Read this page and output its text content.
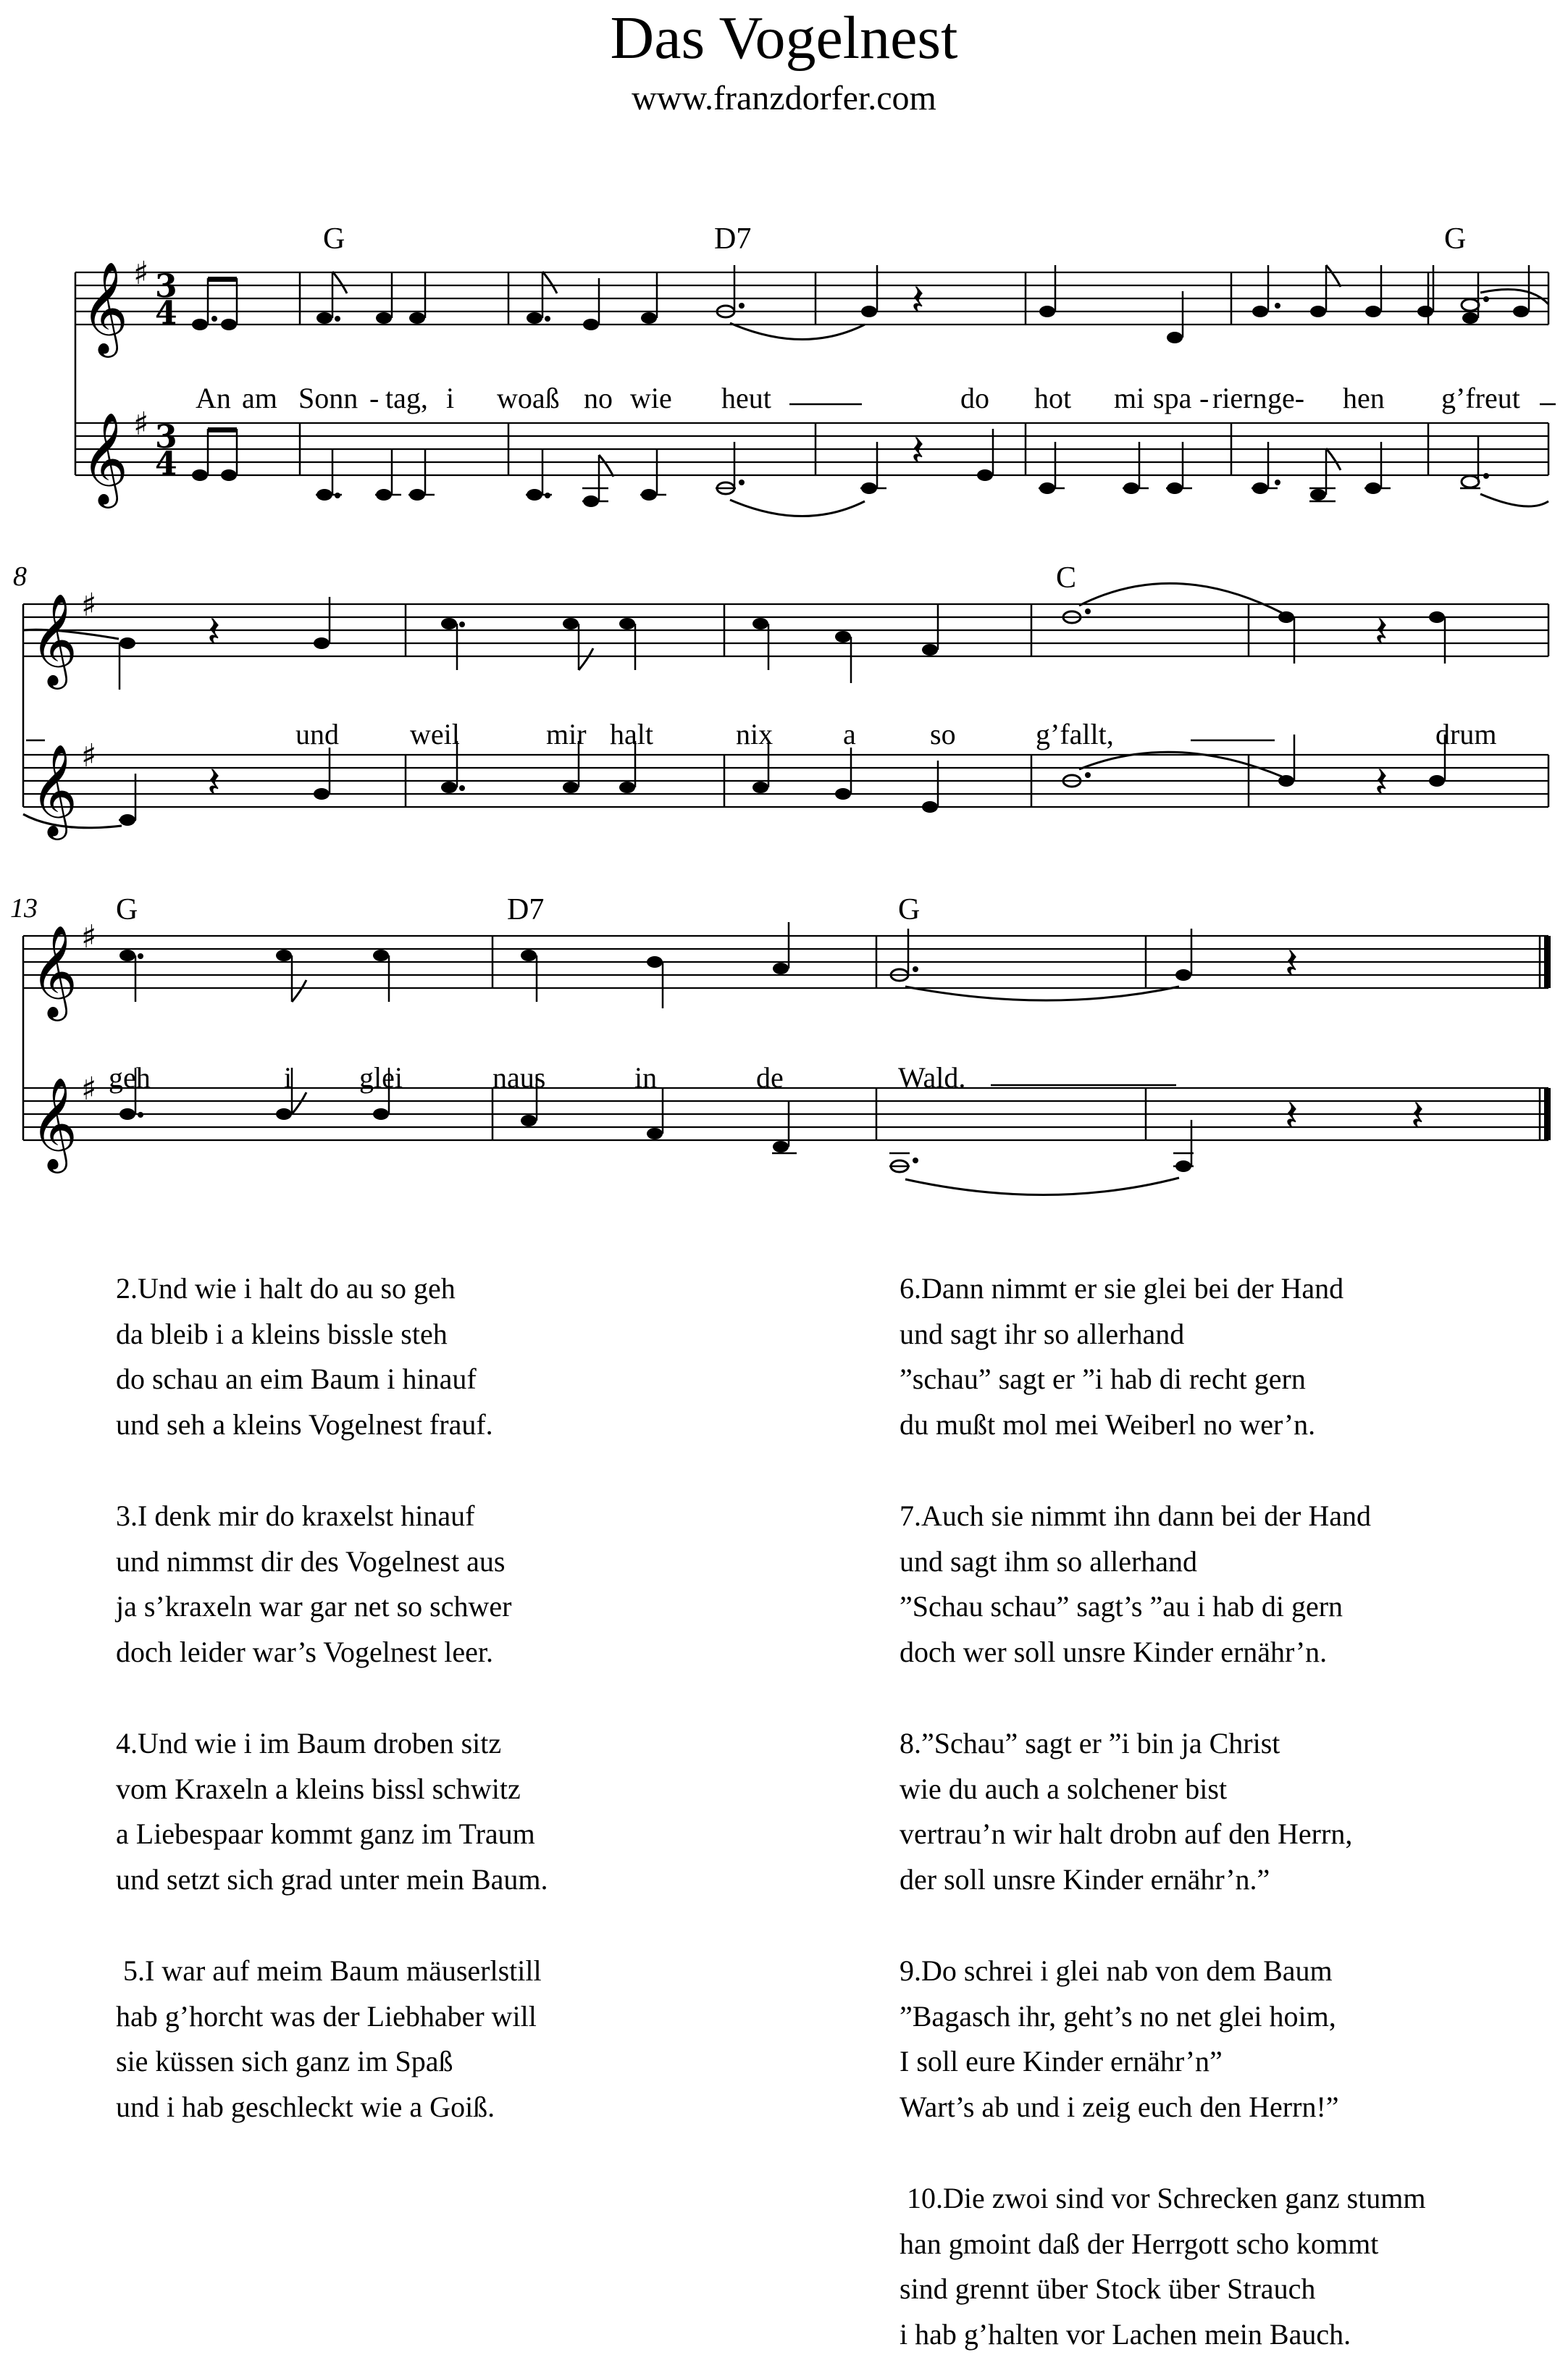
Das Vogelnest
www.franzdorfer.com
𝄞
𝄞
𝄞
𝄞
𝄞
𝄞
♯
♯
♯
♯
♯
♯
3
4
3
4
𝄽
𝄽
𝄽
𝄽
𝄽
𝄽
𝄽
𝄽	𝄽
G	D7	G
C
G	D7	G
8
13
An am Sonn - tag, i woaß no wie heut	do hot mi spa - riern ge- hen g’freut
und weil	mir halt	nix a	so	g’fallt,	drum
geh	i glei	naus	in	de	Wald.
2.Und wie i halt do au so geh
da bleib i a kleins bissle steh
do schau an eim Baum i hinauf
und seh a kleins Vogelnest frauf.
3.I denk mir do kraxelst hinauf
und nimmst dir des Vogelnest aus
ja s’kraxeln war gar net so schwer
doch leider war’s Vogelnest leer.
4.Und wie i im Baum droben sitz
vom Kraxeln a kleins bissl schwitz
a Liebespaar kommt ganz im Traum
und setzt sich grad unter mein Baum.
5.I war auf meim Baum mäuserlstill
hab g’horcht was der Liebhaber will
sie küssen sich ganz im Spaß
und i hab geschleckt wie a Goiß.
6.Dann nimmt er sie glei bei der Hand
und sagt ihr so allerhand
”schau” sagt er ”i hab di recht gern
du mußt mol mei Weiberl no wer’n.
7.Auch sie nimmt ihn dann bei der Hand
und sagt ihm so allerhand
”Schau schau” sagt’s ”au i hab di gern
doch wer soll unsre Kinder ernähr’n.
8.”Schau” sagt er ”i bin ja Christ
wie du auch a solchener bist
vertrau’n wir halt drobn auf den Herrn,
der soll unsre Kinder ernähr’n.”
9.Do schrei i glei nab von dem Baum
”Bagasch ihr, geht’s no net glei hoim,
I soll eure Kinder ernähr’n”
Wart’s ab und i zeig euch den Herrn!”
10.Die zwoi sind vor Schrecken ganz stumm
han gmoint daß der Herrgott scho kommt
sind grennt über Stock über Strauch
i hab g’halten vor Lachen mein Bauch.
